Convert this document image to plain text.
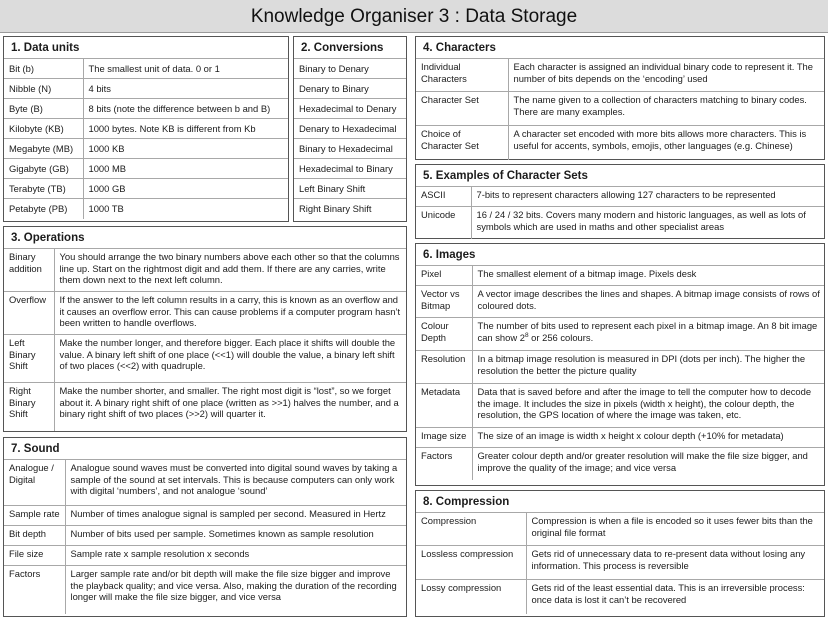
Knowledge Organiser 3 : Data Storage
1. Data units
Bit (b)	The smallest unit of data. 0 or 1
Nibble (N)	4 bits
Byte (B)	8 bits (note the difference between b and B)
Kilobyte (KB)	1000 bytes. Note KB is different from Kb
Megabyte (MB)	1000 KB
Gigabyte (GB)	1000 MB
Terabyte (TB)	1000 GB
Petabyte (PB)	1000 TB
2. Conversions
Binary to Denary
Denary to Binary
Hexadecimal to Denary
Denary to Hexadecimal
Binary to Hexadecimal
Hexadecimal to Binary
Left Binary Shift
Right Binary Shift
3. Operations
Binary addition	You should arrange the two binary numbers above each other so that the columns line up. Start on the rightmost digit and add them. If there are any carries, write them down next to the next left column.
Overflow	If the answer to the left column results in a carry, this is known as an overflow and it causes an overflow error. This can cause problems if a computer program hasn’t been written to handle overflows.
Left Binary Shift	Make the number longer, and therefore bigger. Each place it shifts will double the value. A binary left shift of one place (<<1) will double the value, a binary left shift of two places (<<2) with quadruple.
Right Binary Shift	Make the number shorter, and smaller. The right most digit is “lost”, so we forget about it. A binary right shift of one place (written as >>1) halves the number, and a binary right shift of two places (>>2) will quarter it.
7. Sound
Analogue / Digital	Analogue sound waves must be converted into digital sound waves by taking a sample of the sound at set intervals. This is because computers can only work with digital ‘numbers’, and not analogue ‘sound’
Sample rate	Number of times analogue signal is sampled per second. Measured in Hertz
Bit depth	Number of bits used per sample. Sometimes known as sample resolution
File size	Sample rate x sample resolution x seconds
Factors	Larger sample rate and/or bit depth will make the file size bigger and improve the playback quality; and vice versa. Also, making the duration of the recording longer will make the file size bigger, and vice versa
4. Characters
Individual Characters	Each character is assigned an individual binary code to represent it. The number of bits depends on the ‘encoding’ used
Character Set	The name given to a collection of characters matching to binary codes. There are many examples.
Choice of Character Set	A character set encoded with more bits allows more characters. This is useful for accents, symbols, emojis, other languages (e.g. Chinese)
5. Examples of Character Sets
ASCII	7-bits to represent characters allowing 127 characters to be represented
Unicode	16 / 24 / 32 bits. Covers many modern and historic languages, as well as lots of symbols which are used in maths and other specialist areas
6. Images
Pixel	The smallest element of a bitmap image. Pixels desk
Vector vs Bitmap	A vector image describes the lines and shapes. A bitmap image consists of rows of coloured dots.
Colour Depth	The number of bits used to represent each pixel in a bitmap image. An 8 bit image can show $2^8$ or 256 colours.
Resolution	In a bitmap image resolution is measured in DPI (dots per inch). The higher the resolution the better the picture quality
Metadata	Data that is saved before and after the image to tell the computer how to decode the image. It includes the size in pixels (width x height), the colour depth, the resolution, the GPS location of where the image was taken, etc.
Image size	The size of an image is width x height x colour depth (+10% for metadata)
Factors	Greater colour depth and/or greater resolution will make the file size bigger, and improve the quality of the image; and vice versa
8. Compression
Compression	Compression is when a file is encoded so it uses fewer bits than the original file format
Lossless compression	Gets rid of unnecessary data to re-present data without losing any information. This process is reversible
Lossy compression	Gets rid of the least essential data. This is an irreversible process: once data is lost it can’t be recovered
